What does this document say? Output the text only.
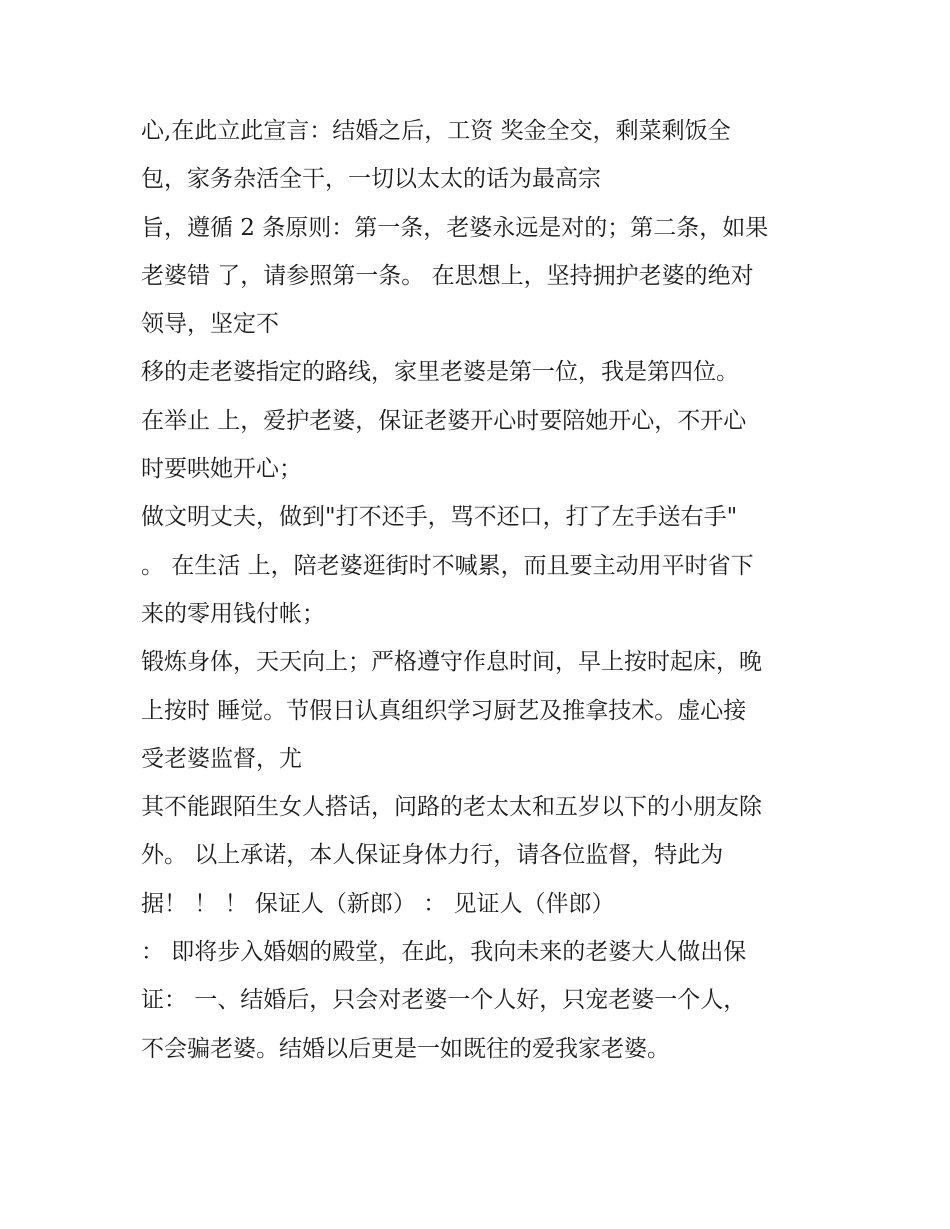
心,在此立此宣言：结婚之后，工资 奖金全交，剩菜剩饭全
包，家务杂活全干，一切以太太的话为最高宗
旨，遵循 2 条原则：第一条，老婆永远是对的；第二条，如果
老婆错 了，请参照第一条。 在思想上，坚持拥护老婆的绝对
领导，坚定不
移的走老婆指定的路线，家里老婆是第一位，我是第四位。
在举止 上，爱护老婆，保证老婆开心时要陪她开心，不开心
时要哄她开心；
做文明丈夫，做到"打不还手，骂不还口，打了左手送右手"
。 在生活 上，陪老婆逛街时不喊累，而且要主动用平时省下
来的零用钱付帐；
锻炼身体，天天向上；严格遵守作息时间，早上按时起床，晚
上按时 睡觉。节假日认真组织学习厨艺及推拿技术。虚心接
受老婆监督，尤
其不能跟陌生女人搭话，问路的老太太和五岁以下的小朋友除
外。 以上承诺，本人保证身体力行，请各位监督，特此为
据！ ！ ！ 保证人（新郎） ： 见证人（伴郎）
： 即将步入婚姻的殿堂，在此，我向未来的老婆大人做出保
证： 一、结婚后，只会对老婆一个人好，只宠老婆一个人，
不会骗老婆。结婚以后更是一如既往的爱我家老婆。
